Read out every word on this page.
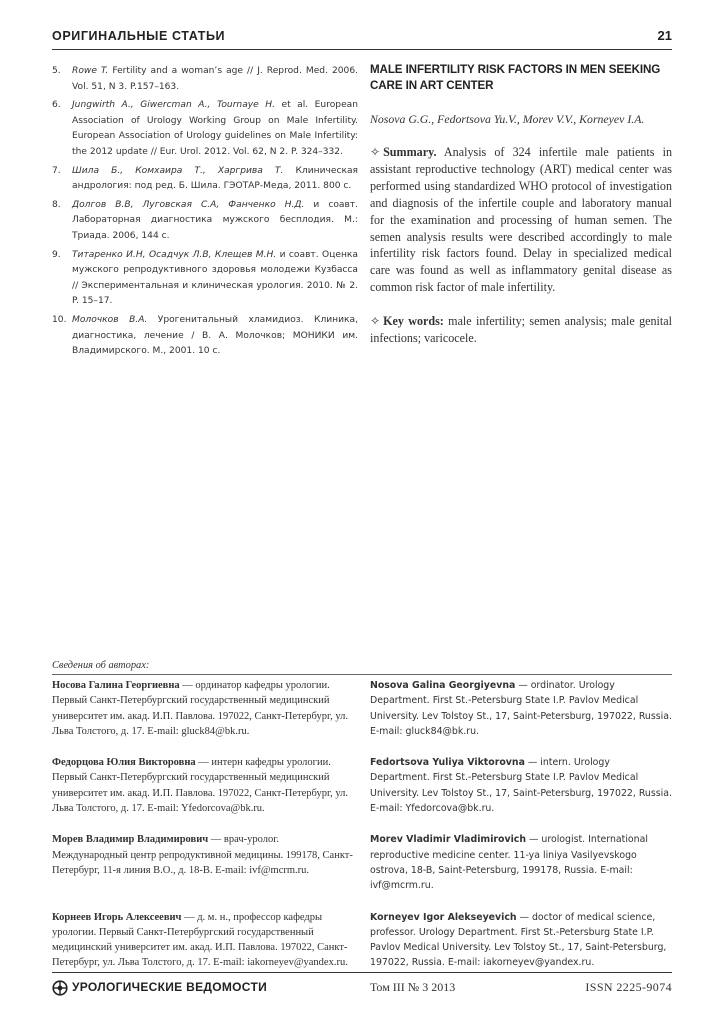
ОРИГИНАЛЬНЫЕ СТАТЬИ	21
5.	Rowe T. Fertility and a woman’s age // J. Reprod. Med. 2006. Vol. 51, N 3. P.157–163.
6.	Jungwirth A., Giwercman A., Tournaye H. et al. European Association of Urology Working Group on Male Infertility. European Association of Urology guidelines on Male Infertility: the 2012 update // Eur. Urol. 2012. Vol. 62, N 2. P. 324–332.
7.	Шила Б., Комхаира Т., Харгрива Т. Клиническая андрология: под ред. Б. Шила. ГЭОТАР-Меда, 2011. 800 с.
8.	Долгов В.В, Луговская С.А, Фанченко Н.Д. и соавт. Лабораторная диагностика мужского бесплодия. М.: Триада. 2006, 144 с.
9.	Титаренко И.Н, Осадчук Л.В, Клещев М.Н. и соавт. Оценка мужского репродуктивного здоровья молодежи Кузбасса // Экспериментальная и клиническая урология. 2010. № 2. P. 15–17.
10. Молочков В.А. Урогенитальный хламидиоз. Клиника, диагностика, лечение / В. А. Молочков; МОНИКИ им. Владимирского. М., 2001. 10 с.
MALE INFERTILITY RISK FACTORS IN MEN SEEKING CARE IN ART CENTER
Nosova G.G., Fedortsova Yu.V., Morev V.V., Korneyev I.A.
✧ Summary. Analysis of 324 infertile male patients in assistant reproductive technology (ART) medical center was performed using standardized WHO protocol of investigation and diagnosis of the infertile couple and laboratory manual for the examination and processing of human semen. The semen analysis results were described accordingly to male infertility risk factors found. Delay in specialized medical care was found as well as inflammatory genital disease as common risk factor of male infertility.
✧ Key words: male infertility; semen analysis; male genital infections; varicocele.
Сведения об авторах:
Носова Галина Георгиевна — ординатор кафедры урологии. Первый Санкт-Петербургский государственный медицинский университет им. акад. И.П. Павлова. 197022, Санкт-Петербург, ул. Льва Толстого, д. 17. E-mail: gluck84@bk.ru.
Nosova Galina Georgiyevna — ordinator. Urology Department. First St.-Petersburg State I.P. Pavlov Medical University. Lev Tolstoy St., 17, Saint-Petersburg, 197022, Russia. E-mail: gluck84@bk.ru.
Федорцова Юлия Викторовна — интерн кафедры урологии. Первый Санкт-Петербургский государственный медицинский университет им. акад. И.П. Павлова. 197022, Санкт-Петербург, ул. Льва Толстого, д. 17. E-mail: Yfedorcova@bk.ru.
Fedortsova Yuliya Viktorovna — intern. Urology Department. First St.-Petersburg State I.P. Pavlov Medical University. Lev Tolstoy St., 17, Saint-Petersburg, 197022, Russia. E-mail: Yfedorcova@bk.ru.
Морев Владимир Владимирович — врач-уролог. Международный центр репродуктивной медицины. 199178, Санкт-Петербург, 11-я линия В.О., д. 18-В. E-mail: ivf@mcrm.ru.
Morev Vladimir Vladimirovich — urologist. International reproductive medicine center. 11-ya liniya Vasilyevskogo ostrova, 18-B, Saint-Petersburg, 199178, Russia. E-mail: ivf@mcrm.ru.
Корнеев Игорь Алексеевич — д. м. н., профессор кафедры урологии. Первый Санкт-Петербургский государственный медицинский университет им. акад. И.П. Павлова. 197022, Санкт-Петербург, ул. Льва Толстого, д. 17. E-mail: iakorneyev@yandex.ru.
Korneyev Igor Alekseyevich — doctor of medical science, professor. Urology Department. First St.-Petersburg State I.P. Pavlov Medical University. Lev Tolstoy St., 17, Saint-Petersburg, 197022, Russia. E-mail: iakorneyev@yandex.ru.
УРОЛОГИЧЕСКИЕ ВЕДОМОСТИ	Том III № 3 2013	ISSN 2225-9074
